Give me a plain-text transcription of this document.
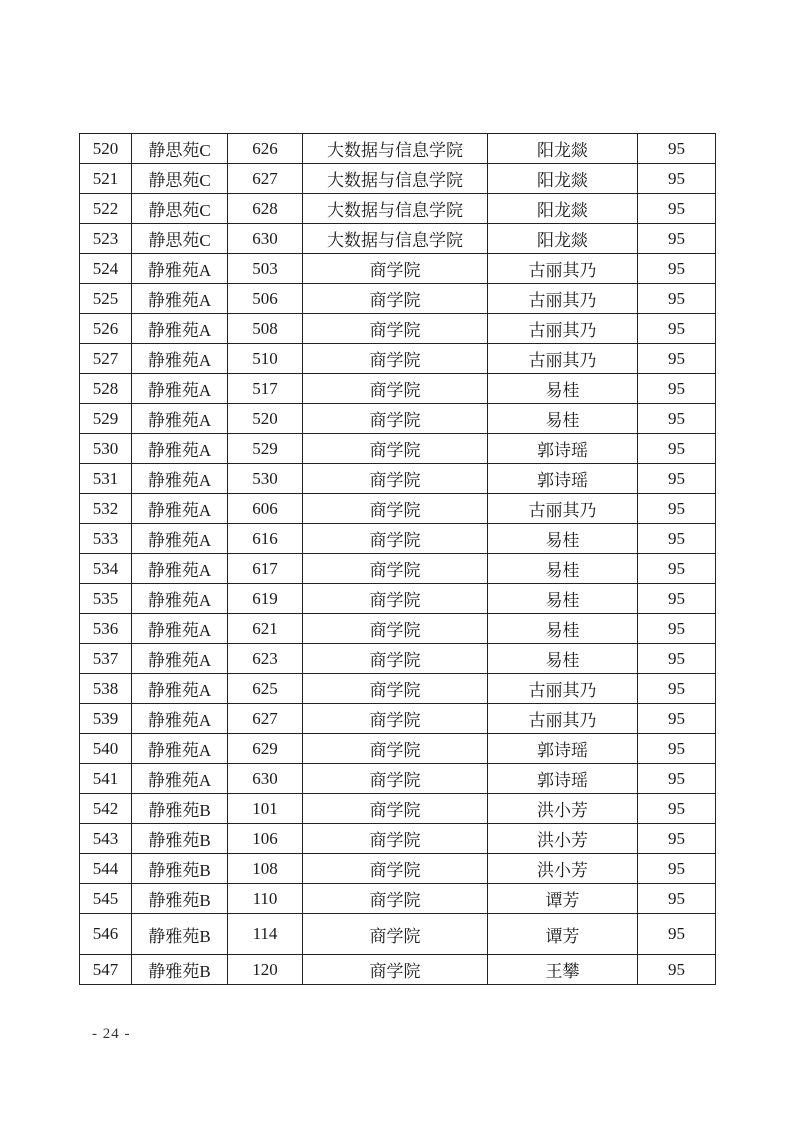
520	静思苑C	626	大数据与信息学院	阳龙燚	95
521	静思苑C	627	大数据与信息学院	阳龙燚	95
522	静思苑C	628	大数据与信息学院	阳龙燚	95
523	静思苑C	630	大数据与信息学院	阳龙燚	95
524	静雅苑A	503	商学院	古丽其乃	95
525	静雅苑A	506	商学院	古丽其乃	95
526	静雅苑A	508	商学院	古丽其乃	95
527	静雅苑A	510	商学院	古丽其乃	95
528	静雅苑A	517	商学院	易桂	95
529	静雅苑A	520	商学院	易桂	95
530	静雅苑A	529	商学院	郭诗瑶	95
531	静雅苑A	530	商学院	郭诗瑶	95
532	静雅苑A	606	商学院	古丽其乃	95
533	静雅苑A	616	商学院	易桂	95
534	静雅苑A	617	商学院	易桂	95
535	静雅苑A	619	商学院	易桂	95
536	静雅苑A	621	商学院	易桂	95
537	静雅苑A	623	商学院	易桂	95
538	静雅苑A	625	商学院	古丽其乃	95
539	静雅苑A	627	商学院	古丽其乃	95
540	静雅苑A	629	商学院	郭诗瑶	95
541	静雅苑A	630	商学院	郭诗瑶	95
542	静雅苑B	101	商学院	洪小芳	95
543	静雅苑B	106	商学院	洪小芳	95
544	静雅苑B	108	商学院	洪小芳	95
545	静雅苑B	110	商学院	谭芳	95
546	静雅苑B	114	商学院	谭芳	95
547	静雅苑B	120	商学院	王攀	95
- 24 -
